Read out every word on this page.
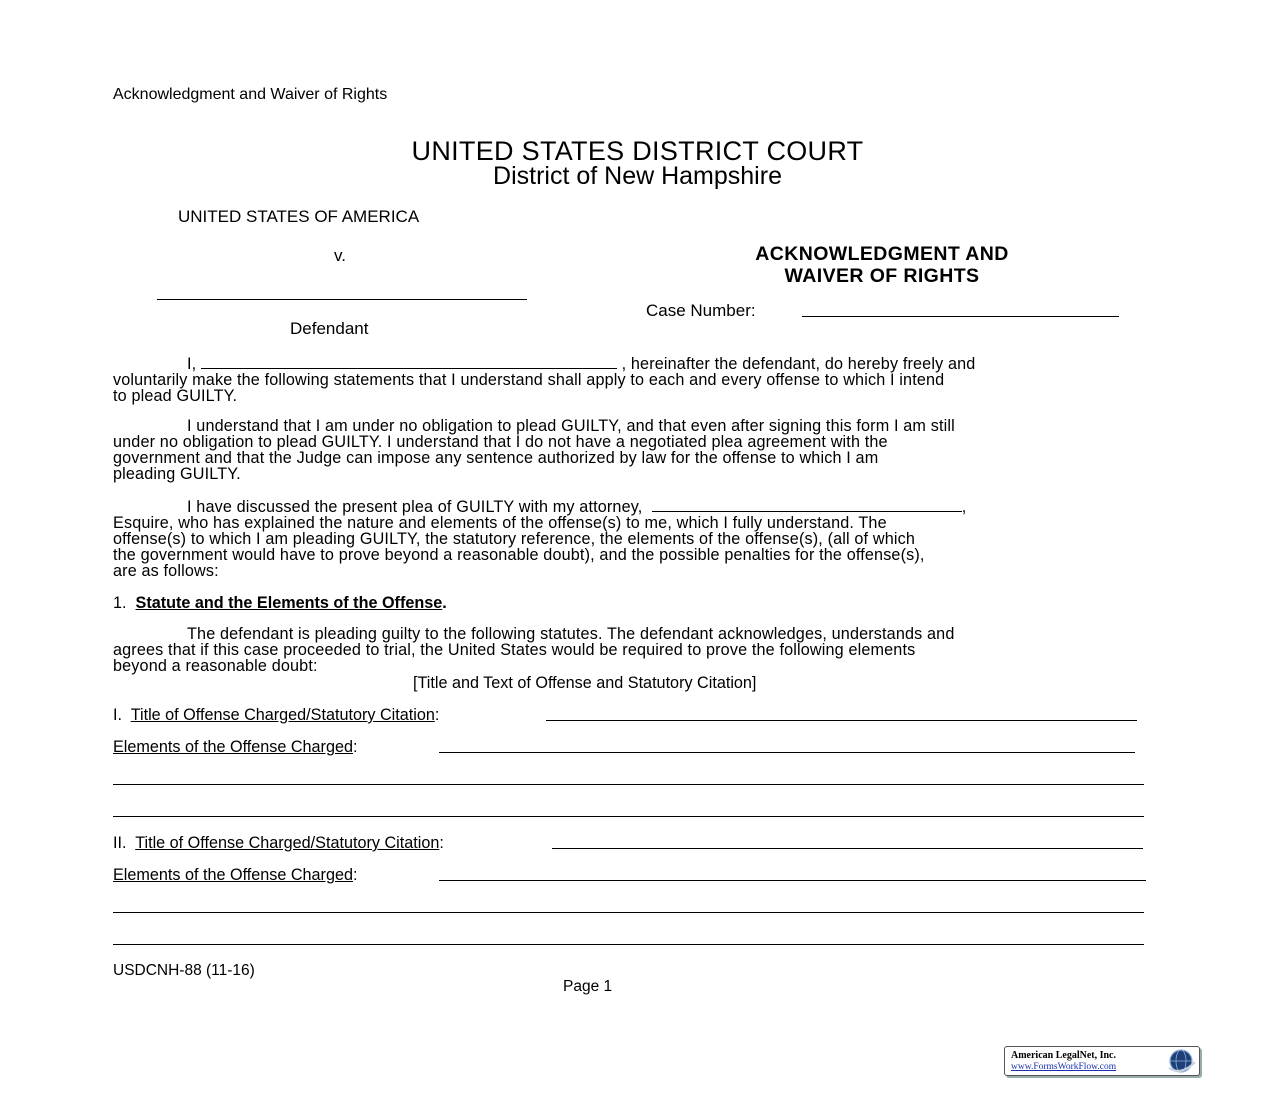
Acknowledgment and Waiver of Rights
UNITED STATES DISTRICT COURT
District of New Hampshire
UNITED STATES OF AMERICA
v.
Defendant
ACKNOWLEDGMENT AND
WAIVER OF RIGHTS
Case Number:
I,	, hereinafter the defendant, do hereby freely and
voluntarily make the following statements that I understand shall apply to each and every offense to which I intend
to plead GUILTY.
I understand that I am under no obligation to plead GUILTY, and that even after signing this form I am still
under no obligation to plead GUILTY. I understand that I do not have a negotiated plea agreement with the
government and that the Judge can impose any sentence authorized by law for the offense to which I am
pleading GUILTY.
I have discussed the present plea of GUILTY with my attorney,	,
Esquire, who has explained the nature and elements of the offense(s) to me, which I fully understand. The
offense(s) to which I am pleading GUILTY, the statutory reference, the elements of the offense(s), (all of which
the government would have to prove beyond a reasonable doubt), and the possible penalties for the offense(s),
are as follows:
1. Statute and the Elements of the Offense.
The defendant is pleading guilty to the following statutes. The defendant acknowledges, understands and
agrees that if this case proceeded to trial, the United States would be required to prove the following elements
beyond a reasonable doubt:
[Title and Text of Offense and Statutory Citation]
I. Title of Offense Charged/Statutory Citation:
Elements of the Offense Charged:
II. Title of Offense Charged/Statutory Citation:
Elements of the Offense Charged:
USDCNH-88 (11-16)
Page 1
American LegalNet, Inc.
www.FormsWorkFlow.com
